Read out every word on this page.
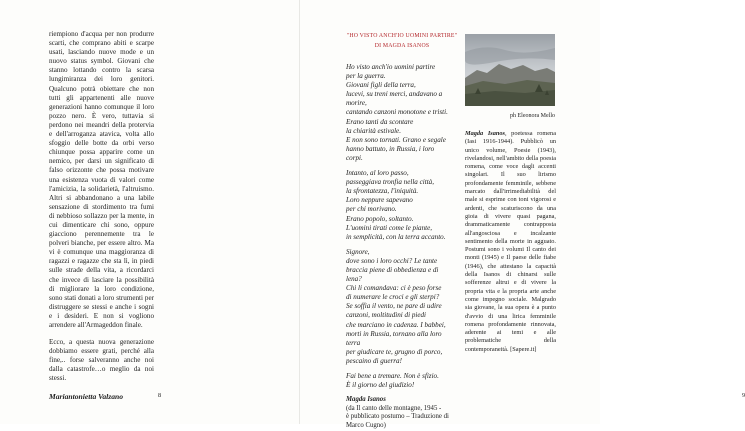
riempiono d'acqua per non produrre scarti, che comprano abiti e scarpe usati, lasciando nuove mode e un nuovo status symbol. Giovani che stanno lottando contro la scarsa lungimiranza dei loro genitori. Qualcuno potrà obiettare che non tutti gli appartenenti alle nuove generazioni hanno comunque il loro pozzo nero. È vero, tuttavia si perdono nei meandri della protervia e dell'arroganza atavica, volta allo sfoggio delle botte da orbi verso chiunque possa apparire come un nemico, per darsi un significato di falso orizzonte che possa motivare una esistenza vuota di valori come l'amicizia, la solidarietà, l'altruismo. Altri si abbandonano a una labile sensazione di stordimento tra fumi di nebbioso sollazzo per la mente, in cui dimenticare chi sono, oppure giacciono perennemente tra le polveri bianche, per essere altro. Ma vi è comunque una maggioranza di ragazzi e ragazze che sta lì, in piedi sulle strade della vita, a ricordarci che invece di lasciare la possibilità di migliorare la loro condizione, sono stati donati a loro strumenti per distruggere se stessi e anche i sogni e i desideri. E non si vogliono arrendere all'Armageddon finale.

Ecco, a questa nuova generazione dobbiamo essere grati, perché alla fine,.. forse salveranno anche noi dalla catastrofe…o meglio da noi stessi.

Mariantonietta Valzano	8	9
"HO VISTO ANCH'IO UOMINI PARTIRE"
DI MAGDA ISANOS
Ho visto anch'io uomini partire
per la guerra.
Giovani figli della terra,
lucevi, su treni merci, andavano a
morire,
cantando canzoni monotone e tristi.
Erano tanti da scontare
la chiarità estivale.
E non sono tornati. Grano e segale
hanno battuto, in Russia, i loro
corpi.
Intanto, al loro passo,
passeggiava tronfia nella città,
la sfrontatezza, l'iniquità.
Loro neppure sapevano
per chi morivano.
Erano popolo, soltanto.
L'uomini tirati come le piante,
in semplicità, con la terra accanto.
Signore,
dove sono i loro occhi? Le tante
braccia piene di obbedienza e di
lena?
Chi li comandava: ci è peso forse
di numerare le croci e gli sterpi?
Se soffia il vento, ne pare di udire
canzoni, moltitudini di piedi
che marciano in cadenza. I babbei,
morti in Russia, tornano alla loro
terra
per giudicare te, grugno di porco,
pescaino di guerra!
Fai bene a tremare. Non è sfizio.
È il giorno del giudizio!
Magda Isanos
(da Il canto delle montagne, 1945 -
è pubblicato postumo – Traduzione di
Marco Cugno)
ph Eleonora Mello
Magda Isanos, poetessa romena (Iasi 1916-1944). Pubblicò un unico volume, Poesie (1943), rivelandosi, nell'ambito della poesia romena, come voce dagli accenti singolari. Il suo lirismo profondamente femminile, sebbene marcato dall'irrimediabilità del male si esprime con toni vigorosi e ardenti, che scaturiscono da una gioia di vivere quasi pagana, drammaticamente contrapposta all'angosciosa e incalzante sentimento della morte in agguato. Postumi sono i volumi Il canto dei monti (1945) e Il paese delle fiabe (1946), che attestano la capacità della Isanos di chinarsi sulle sofferenze altrui e di vivere la propria vita e la propria arte anche come impegno sociale. Malgrado sia giovane, la sua opera è a punto d'avvio di una lirica femminile romena profondamente rinnovata, aderente ai temi e alle problematiche della contemporaneità. [Sapere.it]
